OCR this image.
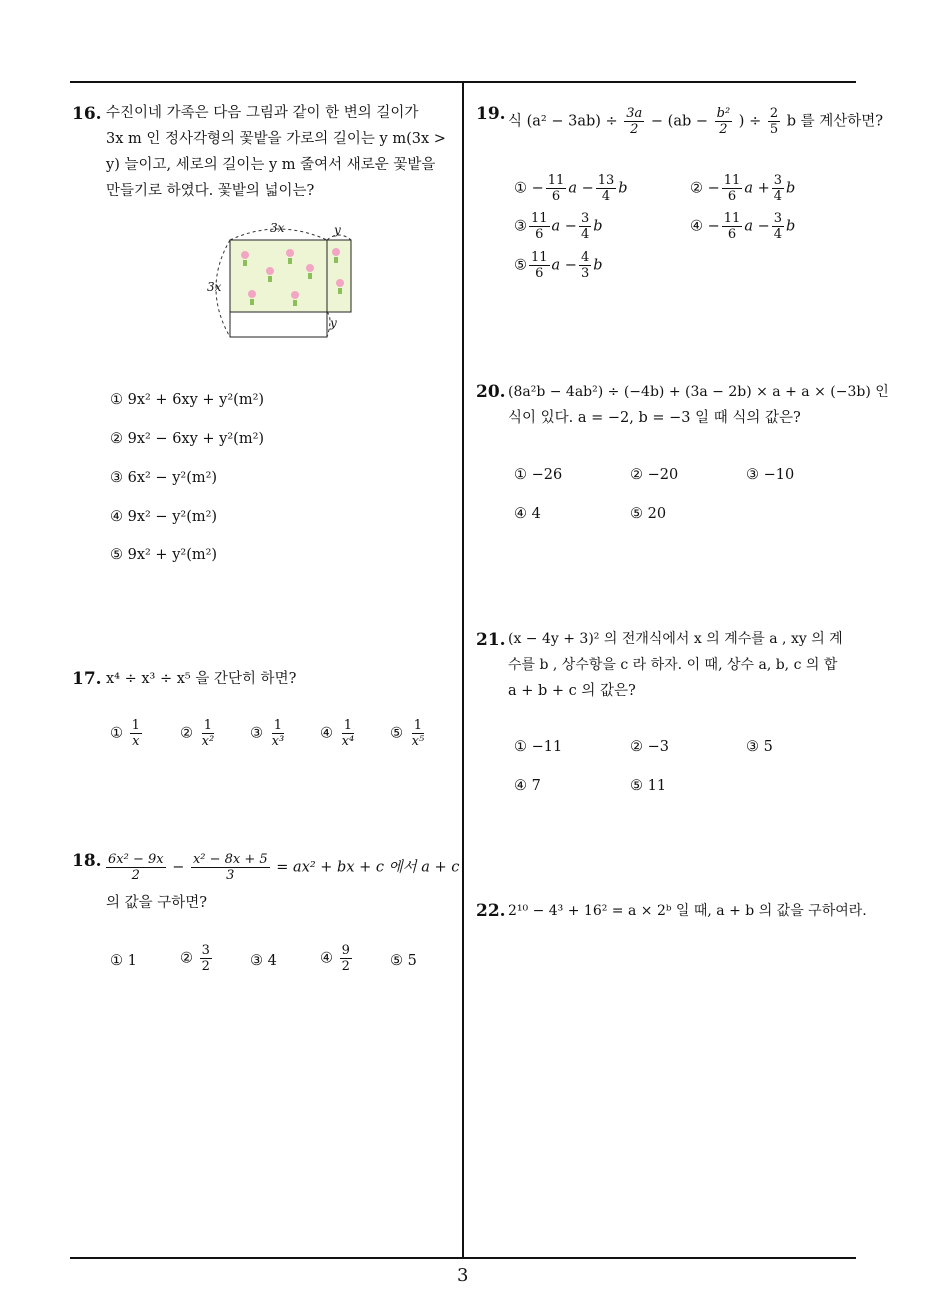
16. 수진이네 가족은 다음 그림과 같이 한 변의 길이가
3x m 인 정사각형의 꽃밭을 가로의 길이는 y m(3x >
y) 늘이고, 세로의 길이는 y m 줄여서 새로운 꽃밭을
만들기로 하였다. 꽃밭의 넓이는?
3x
3x
y
y
① 9x² + 6xy + y²(m²)
② 9x² − 6xy + y²(m²)
③ 6x² − y²(m²)
④ 9x² − y²(m²)
⑤ 9x² + y²(m²)
17. x⁴ ÷ x³ ÷ x⁵ 을 간단히 하면?
① $\frac{1}{x}$	② $\frac{1}{\text{x²}}$ ③ $\frac{1}{\text{x³}}$ ④ $\frac{1}{\text{x⁴}}$ ⑤ $\frac{1}{\text{x⁵}}$
18. $\frac{\text{6x² − 9x}}{2} - \frac{\text{x² − 8x + 5}}{3} = ax^2$ + bx + c 에서 a + c
의 값을 구하면?
① 1	② $\frac{3}{2}$	③ 4	④ $\frac{9}{2}$	⑤ 5
19. 식 $(a^2 - 3ab) \div \frac{3a}{2} - (ab - \frac{\text{b²}}{2}$ ) ÷ $\frac{2}{5}$ b 를 계산하면?
① − $\frac{11}{6}$ $a - \frac{13}{4}$ b	② − $\frac{11}{6}$ $a + \frac{3}{4}$ b
③ $\frac{11}{6}$ $a - \frac{3}{4}$ b	④ − $\frac{11}{6}$ $a - \frac{3}{4}$ b
⑤ $\frac{11}{6}$ $a - \frac{4}{3}$ b
20. (8a²b − 4ab²) ÷ (−4b) + (3a − 2b) × a + a × (−3b) 인
식이 있다. a = −2, b = −3 일 때 식의 값은?
① −26	② −20	③ −10
④ 4	⑤ 20
21. (x − 4y + 3)² 의 전개식에서 x 의 계수를 a , xy 의 계
수를 b , 상수항을 c 라 하자. 이 때, 상수 a, b, c 의 합
a + b + c 의 값은?
① −11	② −3	③ 5
④ 7	⑤ 11
22. 2¹⁰ − 4³ + 16² = a × 2ᵇ 일 때, a + b 의 값을 구하여라.
3
